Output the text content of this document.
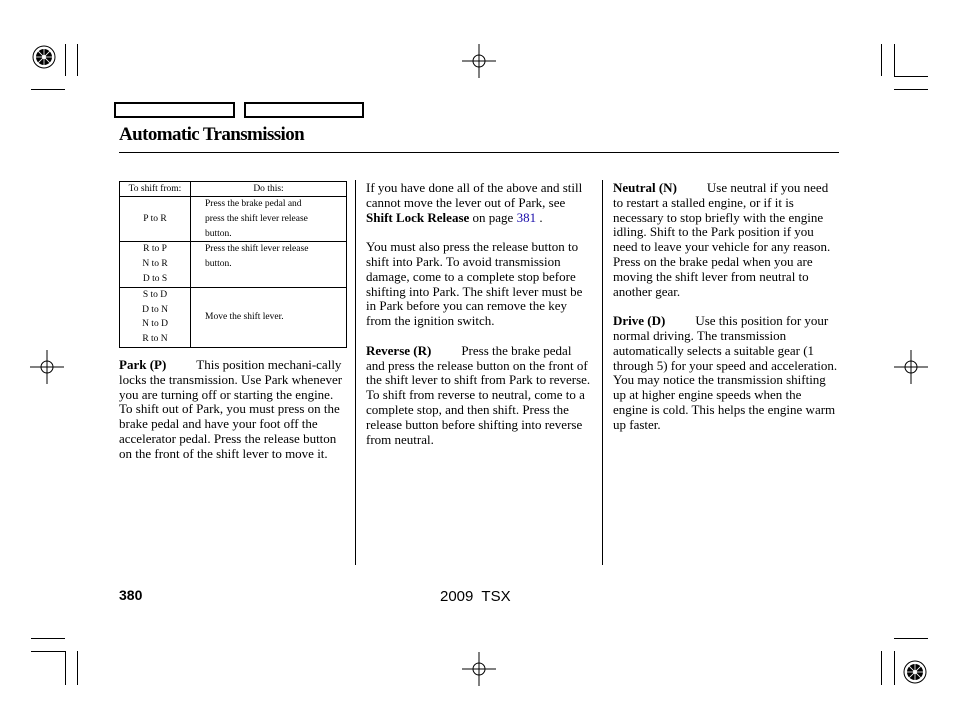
Automatic Transmission
To shift from:	Do this:

P to R	Press the brake pedal and
press the shift lever release
button.

R to P
N to R
D to S	Press the shift lever release
button.

S to D
D to N
N to D
R to N	Move the shift lever.

Park (P) This position mechani-cally locks the transmission. Use Park whenever you are turning off or starting the engine. To shift out of Park, you must press on the brake pedal and have your foot off the accelerator pedal. Press the release button on the front of the shift lever to move it.

If you have done all of the above and still cannot move the lever out of Park, see Shift Lock Release on page 381 .

You must also press the release button to shift into Park. To avoid transmission damage, come to a complete stop before shifting into Park. The shift lever must be in Park before you can remove the key from the ignition switch.

Reverse (R) Press the brake pedal and press the release button on the front of the shift lever to shift from Park to reverse. To shift from reverse to neutral, come to a complete stop, and then shift. Press the release button before shifting into reverse from neutral.

Neutral (N) Use neutral if you need to restart a stalled engine, or if it is necessary to stop briefly with the engine idling. Shift to the Park position if you need to leave your vehicle for any reason. Press on the brake pedal when you are moving the shift lever from neutral to another gear.

Drive (D) Use this position for your normal driving. The transmission automatically selects a suitable gear (1 through 5) for your speed and acceleration. You may notice the transmission shifting up at higher engine speeds when the engine is cold. This helps the engine warm up faster.

380	2009  TSX
